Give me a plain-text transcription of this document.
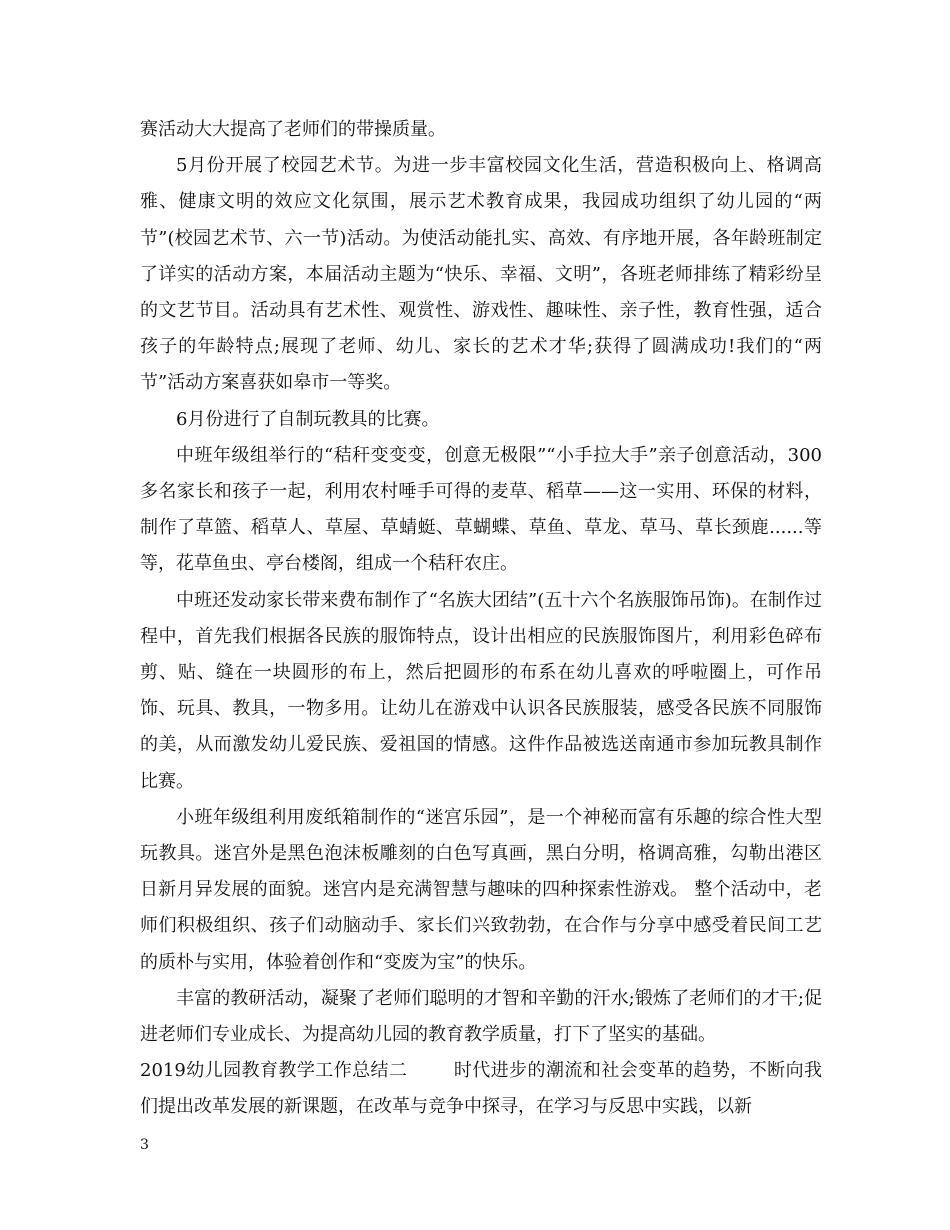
赛活动大大提高了老师们的带操质量。

5月份开展了校园艺术节。为进一步丰富校园文化生活，营造积极向上、格调高雅、健康文明的效应文化氛围，展示艺术教育成果，我园成功组织了幼儿园的“两节”(校园艺术节、六一节)活动。为使活动能扎实、高效、有序地开展，各年龄班制定了详实的活动方案，本届活动主题为“快乐、幸福、文明”，各班老师排练了精彩纷呈的文艺节目。活动具有艺术性、观赏性、游戏性、趣味性、亲子性，教育性强，适合孩子的年龄特点;展现了老师、幼儿、家长的艺术才华;获得了圆满成功!我们的“两节”活动方案喜获如皋市一等奖。

6月份进行了自制玩教具的比赛。

中班年级组举行的“秸秆变变变，创意无极限”“小手拉大手”亲子创意活动，300多名家长和孩子一起，利用农村唾手可得的麦草、稻草——这一实用、环保的材料，制作了草篮、稻草人、草屋、草蜻蜓、草蝴蝶、草鱼、草龙、草马、草长颈鹿......等等，花草鱼虫、亭台楼阁，组成一个秸秆农庄。

中班还发动家长带来费布制作了“名族大团结”(五十六个名族服饰吊饰)。在制作过程中，首先我们根据各民族的服饰特点，设计出相应的民族服饰图片，利用彩色碎布剪、贴、缝在一块圆形的布上，然后把圆形的布系在幼儿喜欢的呼啦圈上，可作吊饰、玩具、教具，一物多用。让幼儿在游戏中认识各民族服装，感受各民族不同服饰的美，从而激发幼儿爱民族、爱祖国的情感。这件作品被选送南通市参加玩教具制作比赛。

小班年级组利用废纸箱制作的“迷宫乐园”，是一个神秘而富有乐趣的综合性大型玩教具。迷宫外是黑色泡沫板雕刻的白色写真画，黑白分明，格调高雅，勾勒出港区日新月异发展的面貌。迷宫内是充满智慧与趣味的四种探索性游戏。 整个活动中，老师们积极组织、孩子们动脑动手、家长们兴致勃勃，在合作与分享中感受着民间工艺的质朴与实用，体验着创作和“变废为宝”的快乐。

丰富的教研活动，凝聚了老师们聪明的才智和辛勤的汗水;锻炼了老师们的才干;促进老师们专业成长、为提高幼儿园的教育教学质量，打下了坚实的基础。

2019幼儿园教育教学工作总结二	时代进步的潮流和社会变革的趋势，不断向我们提出改革发展的新课题，在改革与竞争中探寻，在学习与反思中实践，以新

3
